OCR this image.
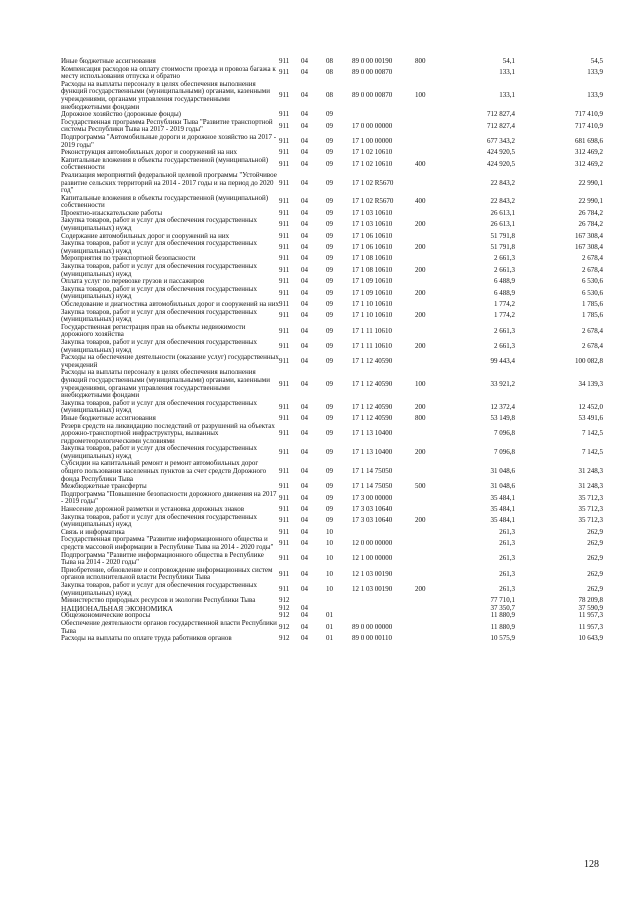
Иные бюджетные ассигнования	911	04	08	89 0 00 00190	800	54,1	54,5
Компенсация расходов на оплату стоимости проезда и провоза багажа к месту использования отпуска и обратно	911	04	08	89 0 00 00870		133,1	133,9
Расходы на выплаты персоналу в целях обеспечения выполнения функций государственными (муниципальными) органами, казенными учреждениями, органами управления государственными внебюджетными фондами	911	04	08	89 0 00 00870	100	133,1	133,9
Дорожное хозяйство (дорожные фонды)	911	04	09			712 827,4	717 410,9
Государственная программа Республики Тыва "Развитие транспортной системы Республики Тыва на 2017 - 2019 годы"	911	04	09	17 0 00 00000		712 827,4	717 410,9
Подпрограмма "Автомобильные дороги и дорожное хозяйство на 2017 - 2019 годы"	911	04	09	17 1 00 00000		677 343,2	681 698,6
Реконструкция автомобильных дорог и сооружений на них	911	04	09	17 1 02 10610		424 920,5	312 469,2
Капитальные вложения в объекты государственной (муниципальной) собственности	911	04	09	17 1 02 10610	400	424 920,5	312 469,2
Реализация мероприятий федеральной целевой программы "Устойчивое развитие сельских территорий на 2014 - 2017 годы и на период до 2020 год"	911	04	09	17 1 02 R5670		22 843,2	22 990,1
Капитальные вложения в объекты государственной (муниципальной) собственности	911	04	09	17 1 02 R5670	400	22 843,2	22 990,1
Проектно-изыскательские работы	911	04	09	17 1 03 10610		26 613,1	26 784,2
Закупка товаров, работ и услуг для обеспечения государственных (муниципальных) нужд	911	04	09	17 1 03 10610	200	26 613,1	26 784,2
Содержание автомобильных дорог и сооружений на них	911	04	09	17 1 06 10610		51 791,8	167 308,4
Закупка товаров, работ и услуг для обеспечения государственных (муниципальных) нужд	911	04	09	17 1 06 10610	200	51 791,8	167 308,4
Мероприятия по транспортной безопасности	911	04	09	17 1 08 10610		2 661,3	2 678,4
Закупка товаров, работ и услуг для обеспечения государственных (муниципальных) нужд	911	04	09	17 1 08 10610	200	2 661,3	2 678,4
Оплата услуг по перевозке грузов и пассажиров	911	04	09	17 1 09 10610		6 488,9	6 530,6
Закупка товаров, работ и услуг для обеспечения государственных (муниципальных) нужд	911	04	09	17 1 09 10610	200	6 488,9	6 530,6
Обследование и диагностика автомобильных дорог и сооружений на них	911	04	09	17 1 10 10610		1 774,2	1 785,6
Закупка товаров, работ и услуг для обеспечения государственных (муниципальных) нужд	911	04	09	17 1 10 10610	200	1 774,2	1 785,6
Государственная регистрация прав на объекты недвижимости дорожного хозяйства	911	04	09	17 1 11 10610		2 661,3	2 678,4
Закупка товаров, работ и услуг для обеспечения государственных (муниципальных) нужд	911	04	09	17 1 11 10610	200	2 661,3	2 678,4
Расходы на обеспечение деятельности (оказание услуг) государственных учреждений	911	04	09	17 1 12 40590		99 443,4	100 082,8
Расходы на выплаты персоналу в целях обеспечения выполнения функций государственными (муниципальными) органами, казенными учреждениями, органами управления государственными внебюджетными фондами	911	04	09	17 1 12 40590	100	33 921,2	34 139,3
Закупка товаров, работ и услуг для обеспечения государственных (муниципальных) нужд	911	04	09	17 1 12 40590	200	12 372,4	12 452,0
Иные бюджетные ассигнования	911	04	09	17 1 12 40590	800	53 149,8	53 491,6
Резерв средств на ликвидацию последствий от разрушений на объектах дорожно-транспортной инфраструктуры, вызванных гидрометеорологическими условиями	911	04	09	17 1 13 10400		7 096,8	7 142,5
Закупка товаров, работ и услуг для обеспечения государственных (муниципальных) нужд	911	04	09	17 1 13 10400	200	7 096,8	7 142,5
Субсидии на капитальный ремонт и ремонт автомобильных дорог общего пользования населенных пунктов за счет средств Дорожного фонда Республики Тыва	911	04	09	17 1 14 75050		31 048,6	31 248,3
Межбюджетные трансферты	911	04	09	17 1 14 75050	500	31 048,6	31 248,3
Подпрограмма "Повышение безопасности дорожного движения на 2017 - 2019 годы"	911	04	09	17 3 00 00000		35 484,1	35 712,3
Нанесение дорожной разметки и установка дорожных знаков	911	04	09	17 3 03 10640		35 484,1	35 712,3
Закупка товаров, работ и услуг для обеспечения государственных (муниципальных) нужд	911	04	09	17 3 03 10640	200	35 484,1	35 712,3
Связь и информатика	911	04	10			261,3	262,9
Государственная программа "Развитие информационного общества и средств массовой информации в Республике Тыва на 2014 - 2020 годы"	911	04	10	12 0 00 00000		261,3	262,9
Подпрограмма "Развитие информационного общества в Республике Тыва на 2014 - 2020 годы"	911	04	10	12 1 00 00000		261,3	262,9
Приобретение, обновление и сопровождение информационных систем органов исполнительной власти Республики Тыва	911	04	10	12 1 03 00190		261,3	262,9
Закупка товаров, работ и услуг для обеспечения государственных (муниципальных) нужд	911	04	10	12 1 03 00190	200	261,3	262,9
Министерство природных ресурсов и экологии Республики Тыва	912					77 710,1	78 209,8
НАЦИОНАЛЬНАЯ ЭКОНОМИКА	912	04				37 350,7	37 590,9
Общеэкономические вопросы	912	04	01			11 880,9	11 957,3
Обеспечение деятельности органов государственной власти Республики Тыва	912	04	01	89 0 00 00000		11 880,9	11 957,3
Расходы на выплаты по оплате труда работников органов	912	04	01	89 0 00 00110		10 575,9	10 643,9
128
